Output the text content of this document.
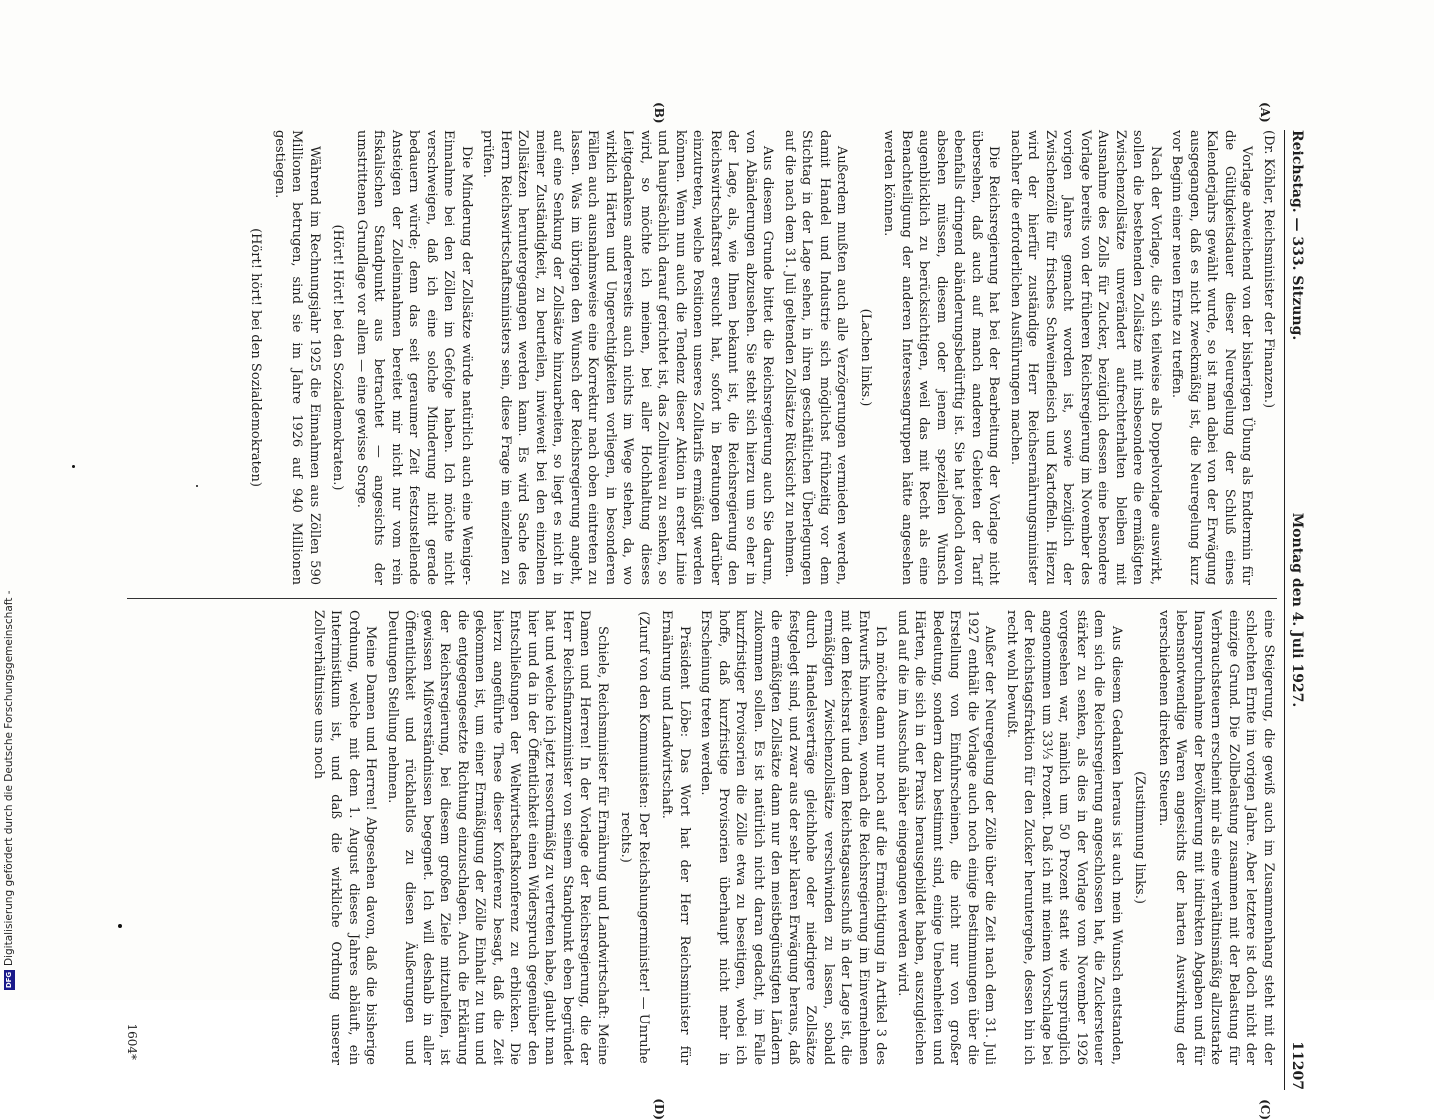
Reichstag. — 333. Sitzung.
Montag den 4. Juli 1927.
11207
(A)
(B)
(C)
(D)

(Dr. Köhler, Reichsminister der Finanzen.)

Vorlage abweichend von der bisherigen Übung als Endtermin für die Gültigkeitsdauer dieser Neuregelung der Schluß eines Kalenderjahrs gewählt wurde, so ist man dabei von der Erwägung ausgegangen, daß es nicht zweckmäßig ist, die Neuregelung kurz vor Beginn einer neuen Ernte zu treffen.

Nach der Vorlage, die sich teilweise als Doppelvorlage auswirkt, sollen die bestehenden Zollsätze mit insbesondere die ermäßigten Zwischenzollsätze unverändert aufrechterhalten bleiben mit Ausnahme des Zolls für Zucker, bezüglich dessen eine besondere Vorlage bereits von der früheren Reichsregierung im November des vorigen Jahres gemacht worden ist, sowie bezüglich der Zwischenzölle für frisches Schweinefleisch und Kartoffeln. Hierzu wird der hierfür zuständige Herr Reichsernährungsminister nachher die erforderlichen Ausführungen machen.

Die Reichsregierung hat bei der Bearbeitung der Vorlage nicht übersehen, daß auch auf manch anderen Gebieten der Tarif ebenfalls dringend abänderungsbedürftig ist. Sie hat jedoch davon absehen müssen, diesem oder jenem speziellen Wunsch augenblicklich zu berücksichtigen, weil das mit Recht als eine Benachteiligung der anderen Interessengruppen hätte angesehen werden können.

(Lachen links.)

Außerdem mußten auch alle Verzögerungen vermieden werden, damit Handel und Industrie sich möglichst frühzeitig vor dem Stichtag in der Lage sehen, in ihren geschäftlichen Überlegungen auf die nach dem 31. Juli geltenden Zollsätze Rücksicht zu nehmen.

Aus diesem Grunde bittet die Reichsregierung auch Sie darum, von Abänderungen abzusehen. Sie steht sich hierzu um so eher in der Lage, als, wie Ihnen bekannt ist, die Reichsregierung den Reichswirtschaftsrat ersucht hat, sofort in Beratungen darüber einzutreten, welche Positionen unseres Zolltarifs ermäßigt werden können. Wenn nun auch die Tendenz dieser Aktion in erster Linie und hauptsächlich darauf gerichtet ist, das Zollniveau zu senken, so wird, so möchte ich meinen, bei aller Hochhaltung dieses Leitgedankens andererseits auch nichts im Wege stehen, da, wo wirklich Härten und Ungerechtigkeiten vorliegen, in besonderen Fällen auch ausnahmsweise eine Korrektur nach oben eintreten zu lassen. Was im übrigen den Wunsch der Reichsregierung angeht, auf eine Senkung der Zollsätze hinzuarbeiten, so liegt es nicht in meiner Zuständigkeit, zu beurteilen, inwieweit bei den einzelnen Zollsätzen heruntergegangen werden kann. Es wird Sache des Herrn Reichswirtschaftsministers sein, diese Frage im einzelnen zu prüfen.

Die Minderung der Zollsätze würde natürlich auch eine Weniger-Einnahme bei den Zöllen im Gefolge haben. Ich möchte nicht verschweigen, daß ich eine solche Minderung nicht gerade bedauern würde; denn das seit geraumer Zeit festzustellende Ansteigen der Zolleinnahmen bereitet mir nicht nur vom rein fiskalischen Standpunkt aus betrachtet — angesichts der umstrittenen Grundlage vor allem — eine gewisse Sorge.

(Hört! Hört! bei den Sozialdemokraten.)

Während im Rechnungsjahr 1925 die Einnahmen aus Zöllen 590 Millionen betrugen, sind sie im Jahre 1926 auf 940 Millionen gestiegen.

(Hört! hört! bei den Sozialdemokraten)

eine Steigerung, die gewiß auch im Zusammenhang steht mit der schlechten Ernte im vorigen Jahre. Aber letztere ist doch nicht der einzige Grund. Die Zollbelastung zusammen mit der Belastung für Verbrauchsteuern erscheint mir als eine verhältnismäßig allzustarke Inanspruchnahme der Bevölkerung mit indirekten Abgaben und für lebensnotwendige Waren angesichts der harten Auswirkung der verschiedenen direkten Steuern.

(Zustimmung links.)

Aus diesem Gedanken heraus ist auch mein Wunsch entstanden, dem sich die Reichsregierung angeschlossen hat, die Zuckersteuer stärker zu senken, als dies in der Vorlage vom November 1926 vorgesehen war, nämlich um 50 Prozent statt wie ursprünglich angenommen um 33⅓ Prozent. Daß ich mit meinem Vorschlage bei der Reichstagsfraktion für den Zucker heruntergehe, dessen bin ich recht wohl bewußt.

Außer der Neuregelung der Zölle über die Zeit nach dem 31. Juli 1927 enthält die Vorlage auch noch einige Bestimmungen über die Erstellung von Einfuhrscheinen, die nicht nur von großer Bedeutung, sondern dazu bestimmt sind, einige Unebenheiten und Härten, die sich in der Praxis herausgebildet haben, auszugleichen und auf die im Ausschuß näher eingegangen werden wird.

Ich möchte dann nur noch auf die Ermächtigung in Artikel 3 des Entwurfs hinweisen, wonach die Reichsregierung im Einvernehmen mit dem Reichsrat und dem Reichstagsausschuß in der Lage ist, die ermäßigten Zwischenzollsätze verschwinden zu lassen, sobald durch Handelsverträge gleichhohe oder niedrigere Zollsätze festgelegt sind, und zwar aus der sehr klaren Erwägung heraus, daß die ermäßigten Zollsätze dann nur den meistbegünstigten Ländern zukommen sollen. Es ist natürlich nicht daran gedacht, im Falle kurzfristiger Provisorien die Zölle etwa zu beseitigen, wobei ich hoffe, daß kurzfristige Provisorien überhaupt nicht mehr in Erscheinung treten werden.

Präsident Löbe: Das Wort hat der Herr Reichsminister für Ernährung und Landwirtschaft.

(Zuruf von den Kommunisten: Der Reichshungerminister! — Unruhe rechts.)

Schiele, Reichsminister für Ernährung und Landwirtschaft: Meine Damen und Herren! In der Vorlage der Reichsregierung, die der Herr Reichsfinanzminister von seinem Standpunkt eben begründet hat und welche ich jetzt ressortmäßig zu vertreten habe, glaubt man hier und da in der Öffentlichkeit einen Widerspruch gegenüber den Entschließungen der Weltwirtschaftskonferenz zu erblicken. Die hierzu angeführte These dieser Konferenz besagt, daß die Zeit gekommen ist, um einer Ermäßigung der Zölle Einhalt zu tun und die entgegengesetzte Richtung einzuschlagen. Auch die Erklärung der Reichsregierung, bei diesem großen Ziele mitzuhelfen, ist gewissen Mißverständnissen begegnet. Ich will deshalb in aller Öffentlichkeit und rückhaltlos zu diesen Äußerungen und Deutungen Stellung nehmen.

Meine Damen und Herren! Abgesehen davon, daß die bisherige Ordnung, welche mit dem 1. August dieses Jahres abläuft, ein Interimistikum ist, und daß die wirkliche Ordnung unserer Zollverhältnisse uns noch

1604*
DFG
Digitalisierung gefördert durch die Deutsche Forschungsgemeinschaft -
